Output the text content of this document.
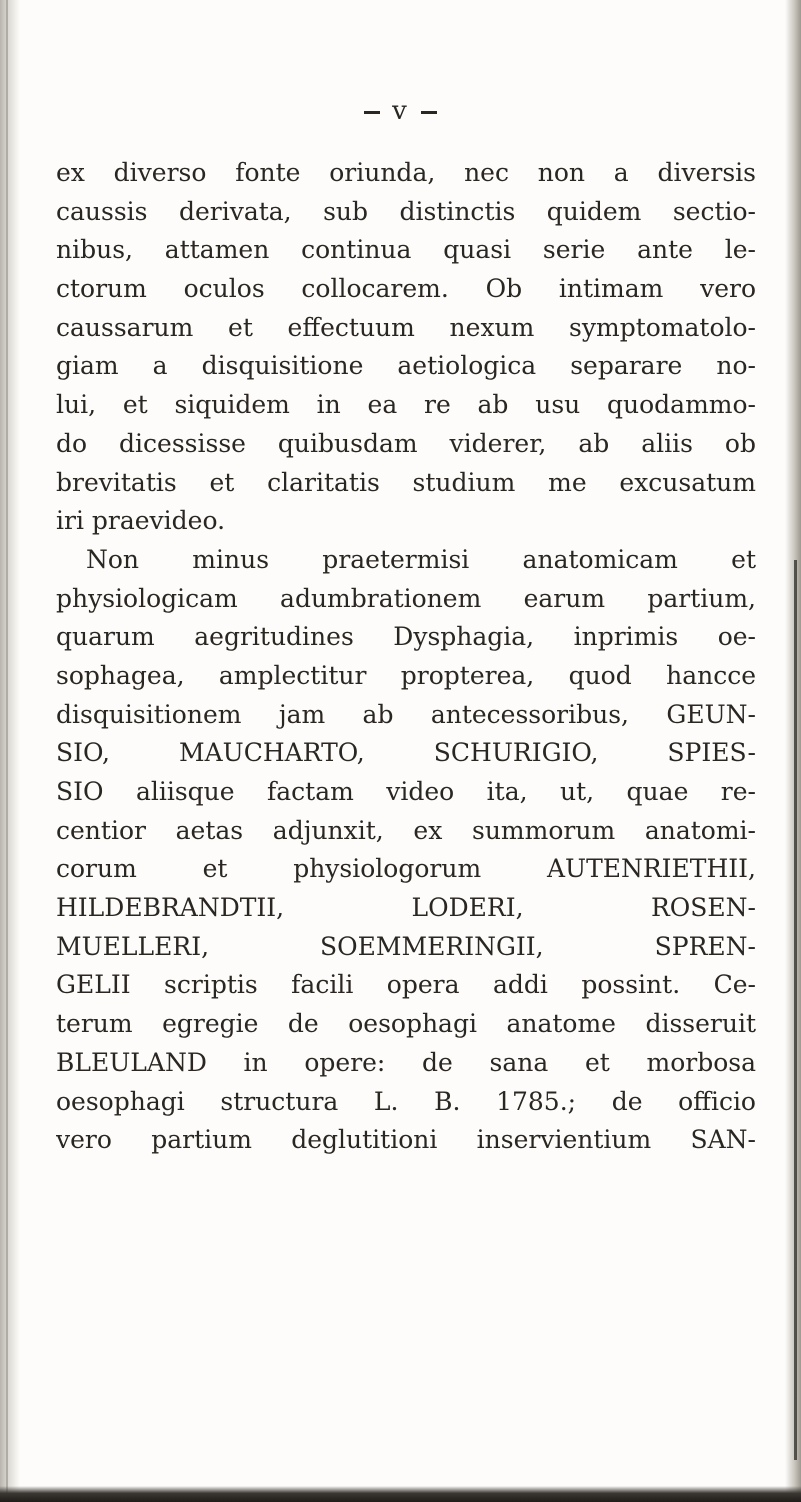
v
ex diverso fonte oriunda, nec non a diversis
caussis derivata, sub distinctis quidem sectio-
nibus, attamen continua quasi serie ante le-
ctorum oculos collocarem. Ob intimam vero
caussarum et effectuum nexum symptomatolo-
giam a disquisitione aetiologica separare no-
lui, et siquidem in ea re ab usu quodammo-
do dicessisse quibusdam viderer, ab aliis ob
brevitatis et claritatis studium me excusatum
iri praevideo.
Non minus praetermisi anatomicam et
physiologicam adumbrationem earum partium,
quarum aegritudines Dysphagia, inprimis oe-
sophagea, amplectitur propterea, quod hancce
disquisitionem jam ab antecessoribus, GEUN-
SIO, MAUCHARTO, SCHURIGIO, SPIES-
SIO aliisque factam video ita, ut, quae re-
centior aetas adjunxit, ex summorum anatomi-
corum et physiologorum AUTENRIETHII,
HILDEBRANDTII, LODERI, ROSEN-
MUELLERI, SOEMMERINGII, SPREN-
GELII scriptis facili opera addi possint. Ce-
terum egregie de oesophagi anatome disseruit
BLEULAND in opere: de sana et morbosa
oesophagi structura L. B. 1785.; de officio
vero partium deglutitioni inservientium SAN-
